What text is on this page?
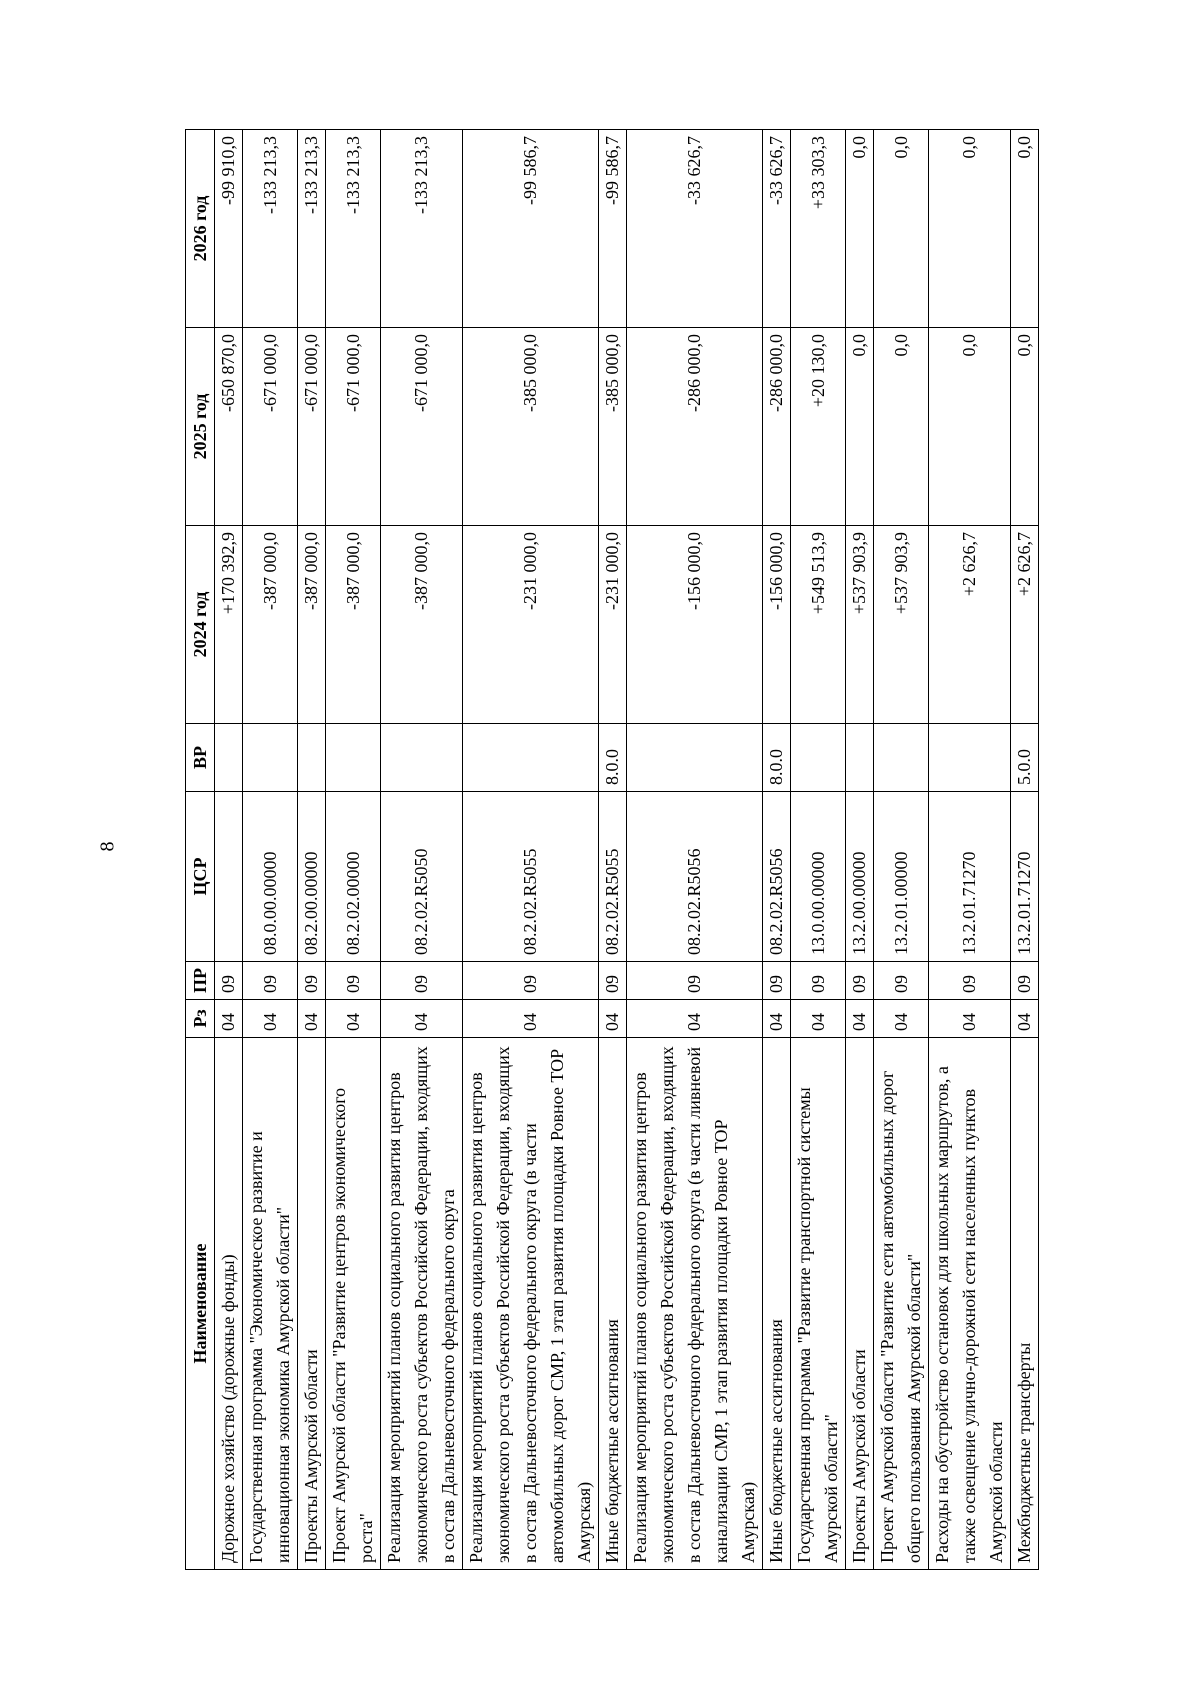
8
Наименование	Рз	ПР	ЦСР	ВР	2024 год	2025 год	2026 год
Дорожное хозяйство (дорожные фонды)	04	09			+170 392,9	-650 870,0	-99 910,0
Государственная программа "Экономическое развитие и инновационная экономика Амурской области"	04	09	08.0.00.00000		-387 000,0	-671 000,0	-133 213,3
Проекты Амурской области	04	09	08.2.00.00000		-387 000,0	-671 000,0	-133 213,3
Проект Амурской области "Развитие центров экономического роста"	04	09	08.2.02.00000		-387 000,0	-671 000,0	-133 213,3
Реализация мероприятий планов социального развития центров экономического роста субъектов Российской Федерации, входящих в состав Дальневосточного федерального округа	04	09	08.2.02.R5050		-387 000,0	-671 000,0	-133 213,3
Реализация мероприятий планов социального развития центров экономического роста субъектов Российской Федерации, входящих в состав Дальневосточного федерального округа (в части автомобильных дорог СМР, 1 этап развития площадки Ровное ТОР Амурская)	04	09	08.2.02.R5055		-231 000,0	-385 000,0	-99 586,7
Иные бюджетные ассигнования	04	09	08.2.02.R5055	8.0.0	-231 000,0	-385 000,0	-99 586,7
Реализация мероприятий планов социального развития центров экономического роста субъектов Российской Федерации, входящих в состав Дальневосточного федерального округа (в части ливневой канализации СМР, 1 этап развития площадки Ровное ТОР Амурская)	04	09	08.2.02.R5056		-156 000,0	-286 000,0	-33 626,7
Иные бюджетные ассигнования	04	09	08.2.02.R5056	8.0.0	-156 000,0	-286 000,0	-33 626,7
Государственная программа "Развитие транспортной системы Амурской области"	04	09	13.0.00.00000		+549 513,9	+20 130,0	+33 303,3
Проекты Амурской области	04	09	13.2.00.00000		+537 903,9	0,0	0,0
Проект Амурской области "Развитие сети автомобильных дорог общего пользования Амурской области"	04	09	13.2.01.00000		+537 903,9	0,0	0,0
Расходы на обустройство остановок для школьных маршрутов, а также освещение улично-дорожной сети населенных пунктов Амурской области	04	09	13.2.01.71270		+2 626,7	0,0	0,0
Межбюджетные трансферты	04	09	13.2.01.71270	5.0.0	+2 626,7	0,0	0,0
